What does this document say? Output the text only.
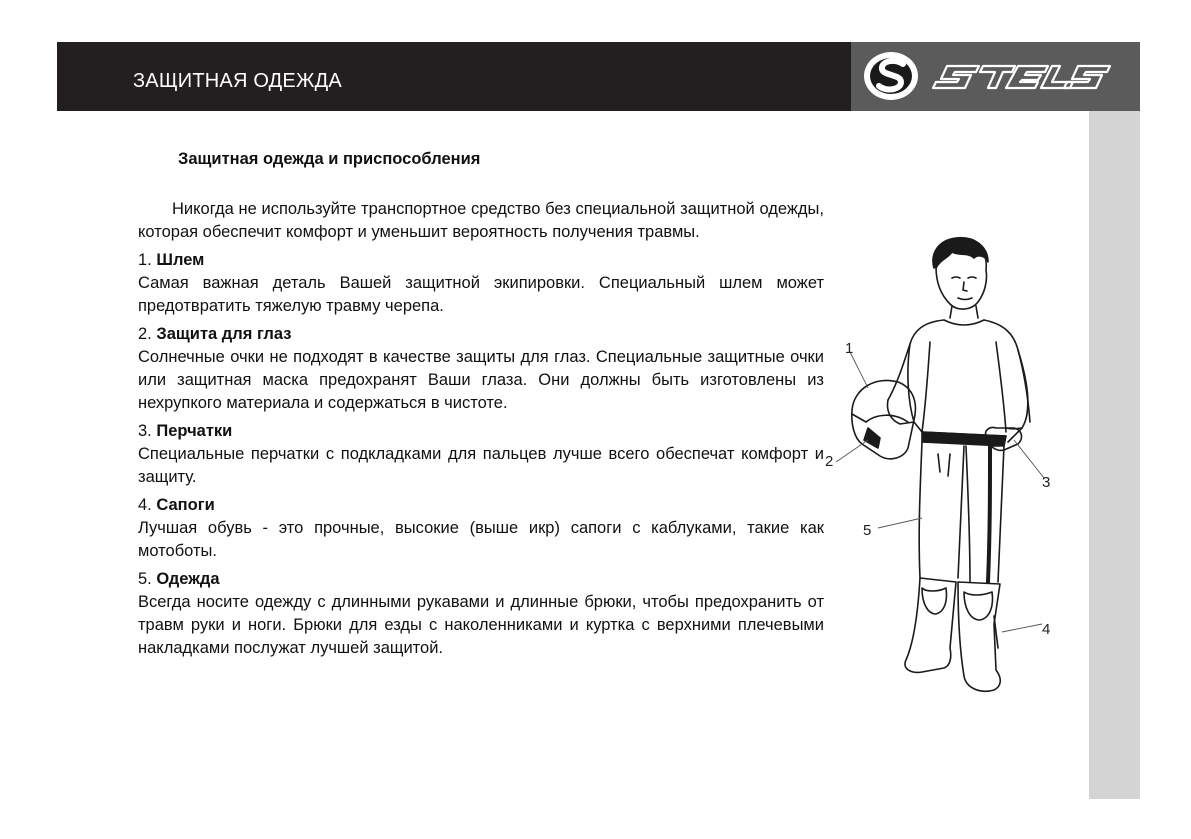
ЗАЩИТНАЯ ОДЕЖДА
Защитная одежда и приспособления

Никогда не используйте транспортное средство без специальной защитной одежды, которая обеспечит комфорт и уменьшит вероятность получения травмы.

1. Шлем

Самая важная деталь Вашей защитной экипировки. Специальный шлем может предотвратить тяжелую травму черепа.

2. Защита для глаз

Солнечные очки не подходят в качестве защиты для глаз. Специальные защитные очки или защитная маска предохранят Ваши глаза. Они должны быть изготовлены из нехрупкого материала и содержаться в чистоте.

3. Перчатки

Специальные перчатки с подкладками для пальцев лучше всего обеспечат комфорт и защиту.

4. Сапоги

Лучшая обувь - это прочные, высокие (выше икр) сапоги с каблуками, такие как мотоботы.

5. Одежда

Всегда носите одежду с длинными рукавами и длинные брюки, чтобы предохранить от травм руки и ноги. Брюки для езды с наколенниками и куртка с верхними плечевыми накладками послужат лучшей защитой.

1
2
3
4
5
